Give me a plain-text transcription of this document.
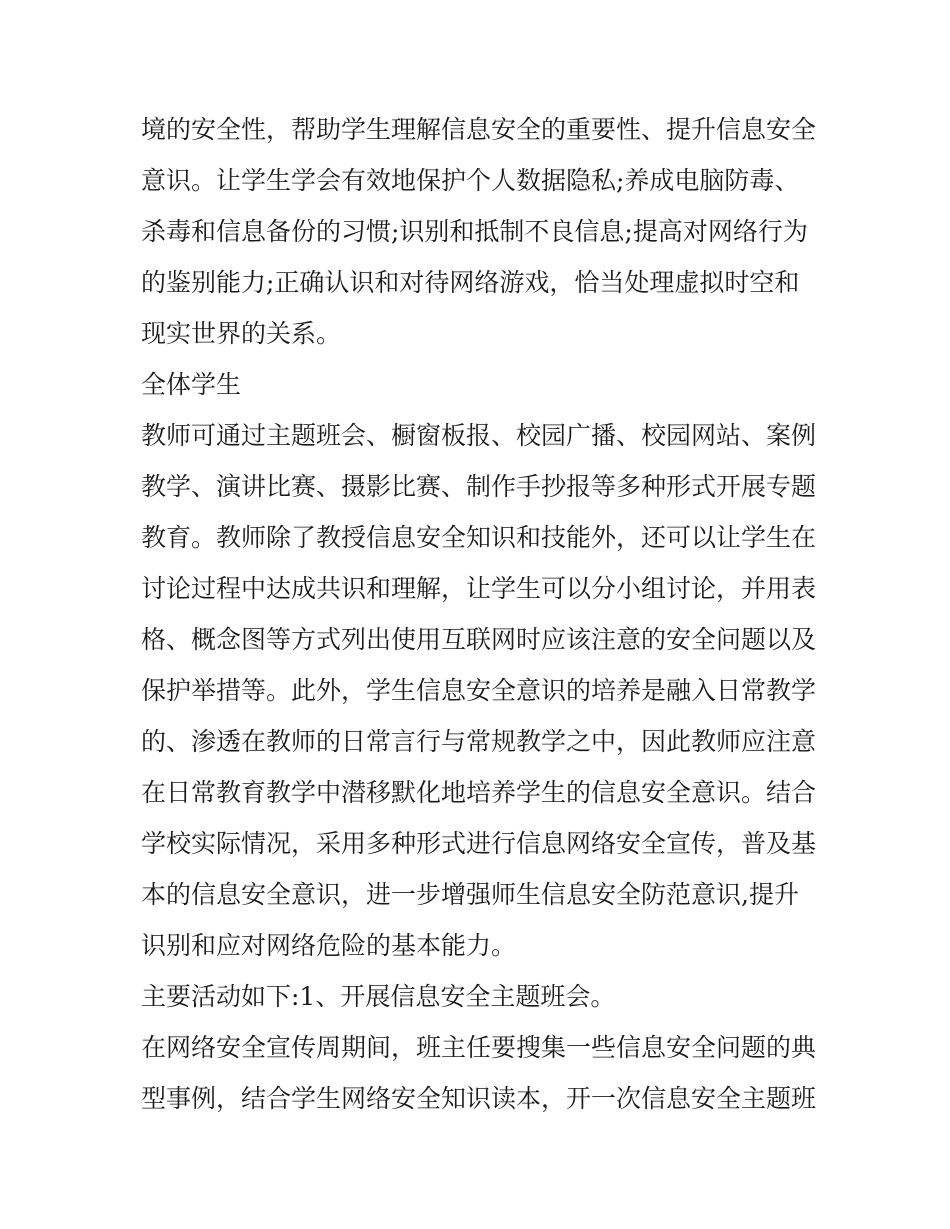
境的安全性，帮助学生理解信息安全的重要性、提升信息安全意识。让学生学会有效地保护个人数据隐私;养成电脑防毒、杀毒和信息备份的习惯;识别和抵制不良信息;提高对网络行为的鉴别能力;正确认识和对待网络游戏，恰当处理虚拟时空和现实世界的关系。

全体学生

教师可通过主题班会、橱窗板报、校园广播、校园网站、案例教学、演讲比赛、摄影比赛、制作手抄报等多种形式开展专题教育。教师除了教授信息安全知识和技能外，还可以让学生在讨论过程中达成共识和理解，让学生可以分小组讨论，并用表格、概念图等方式列出使用互联网时应该注意的安全问题以及保护举措等。此外，学生信息安全意识的培养是融入日常教学的、渗透在教师的日常言行与常规教学之中，因此教师应注意在日常教育教学中潜移默化地培养学生的信息安全意识。结合学校实际情况，采用多种形式进行信息网络安全宣传，普及基本的信息安全意识，进一步增强师生信息安全防范意识,提升识别和应对网络危险的基本能力。

主要活动如下:1、开展信息安全主题班会。

在网络安全宣传周期间，班主任要搜集一些信息安全问题的典型事例，结合学生网络安全知识读本，开一次信息安全主题班
